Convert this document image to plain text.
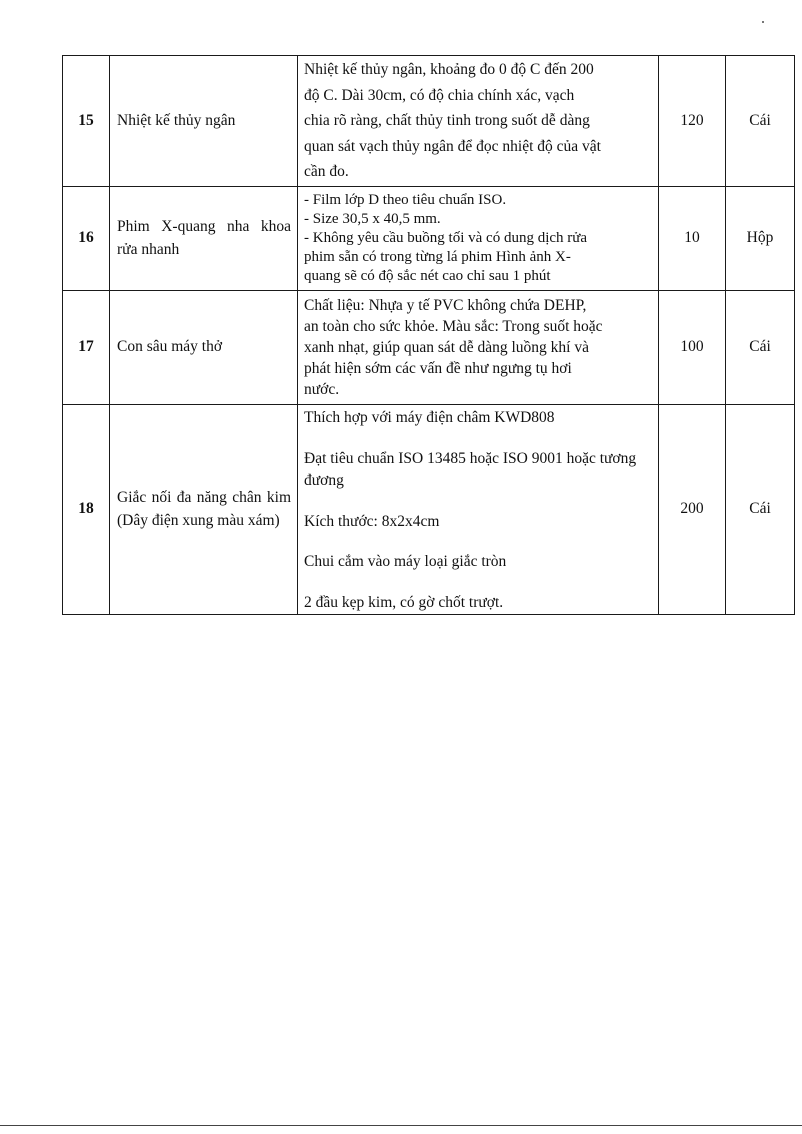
15	Nhiệt kế thủy ngân	Nhiệt kế thủy ngân, khoảng đo 0 độ C đến 200
độ C. Dài 30cm, có độ chia chính xác, vạch
chia rõ ràng, chất thủy tinh trong suốt dễ dàng
quan sát vạch thủy ngân để đọc nhiệt độ của vật
cần đo.	120	Cái
16	Phim X-quang nha khoa rửa nhanh	- Film lớp D theo tiêu chuẩn ISO.
- Size 30,5 x 40,5 mm.
- Không yêu cầu buồng tối và có dung dịch rửa
phim sẵn có trong từng lá phim Hình ảnh X-
quang sẽ có độ sắc nét cao chỉ sau 1 phút	10	Hộp
17	Con sâu máy thở	Chất liệu: Nhựa y tế PVC không chứa DEHP,
an toàn cho sức khỏe. Màu sắc: Trong suốt hoặc
xanh nhạt, giúp quan sát dễ dàng luồng khí và
phát hiện sớm các vấn đề như ngưng tụ hơi
nước.	100	Cái
18	Giắc nối đa năng chân kim (Dây điện xung màu xám)	Thích hợp với máy điện châm KWD808

Đạt tiêu chuẩn ISO 13485 hoặc ISO 9001 hoặc tương đương

Kích thước: 8x2x4cm

Chui cắm vào máy loại giắc tròn

2 đầu kẹp kim, có gờ chốt trượt.	200	Cái
